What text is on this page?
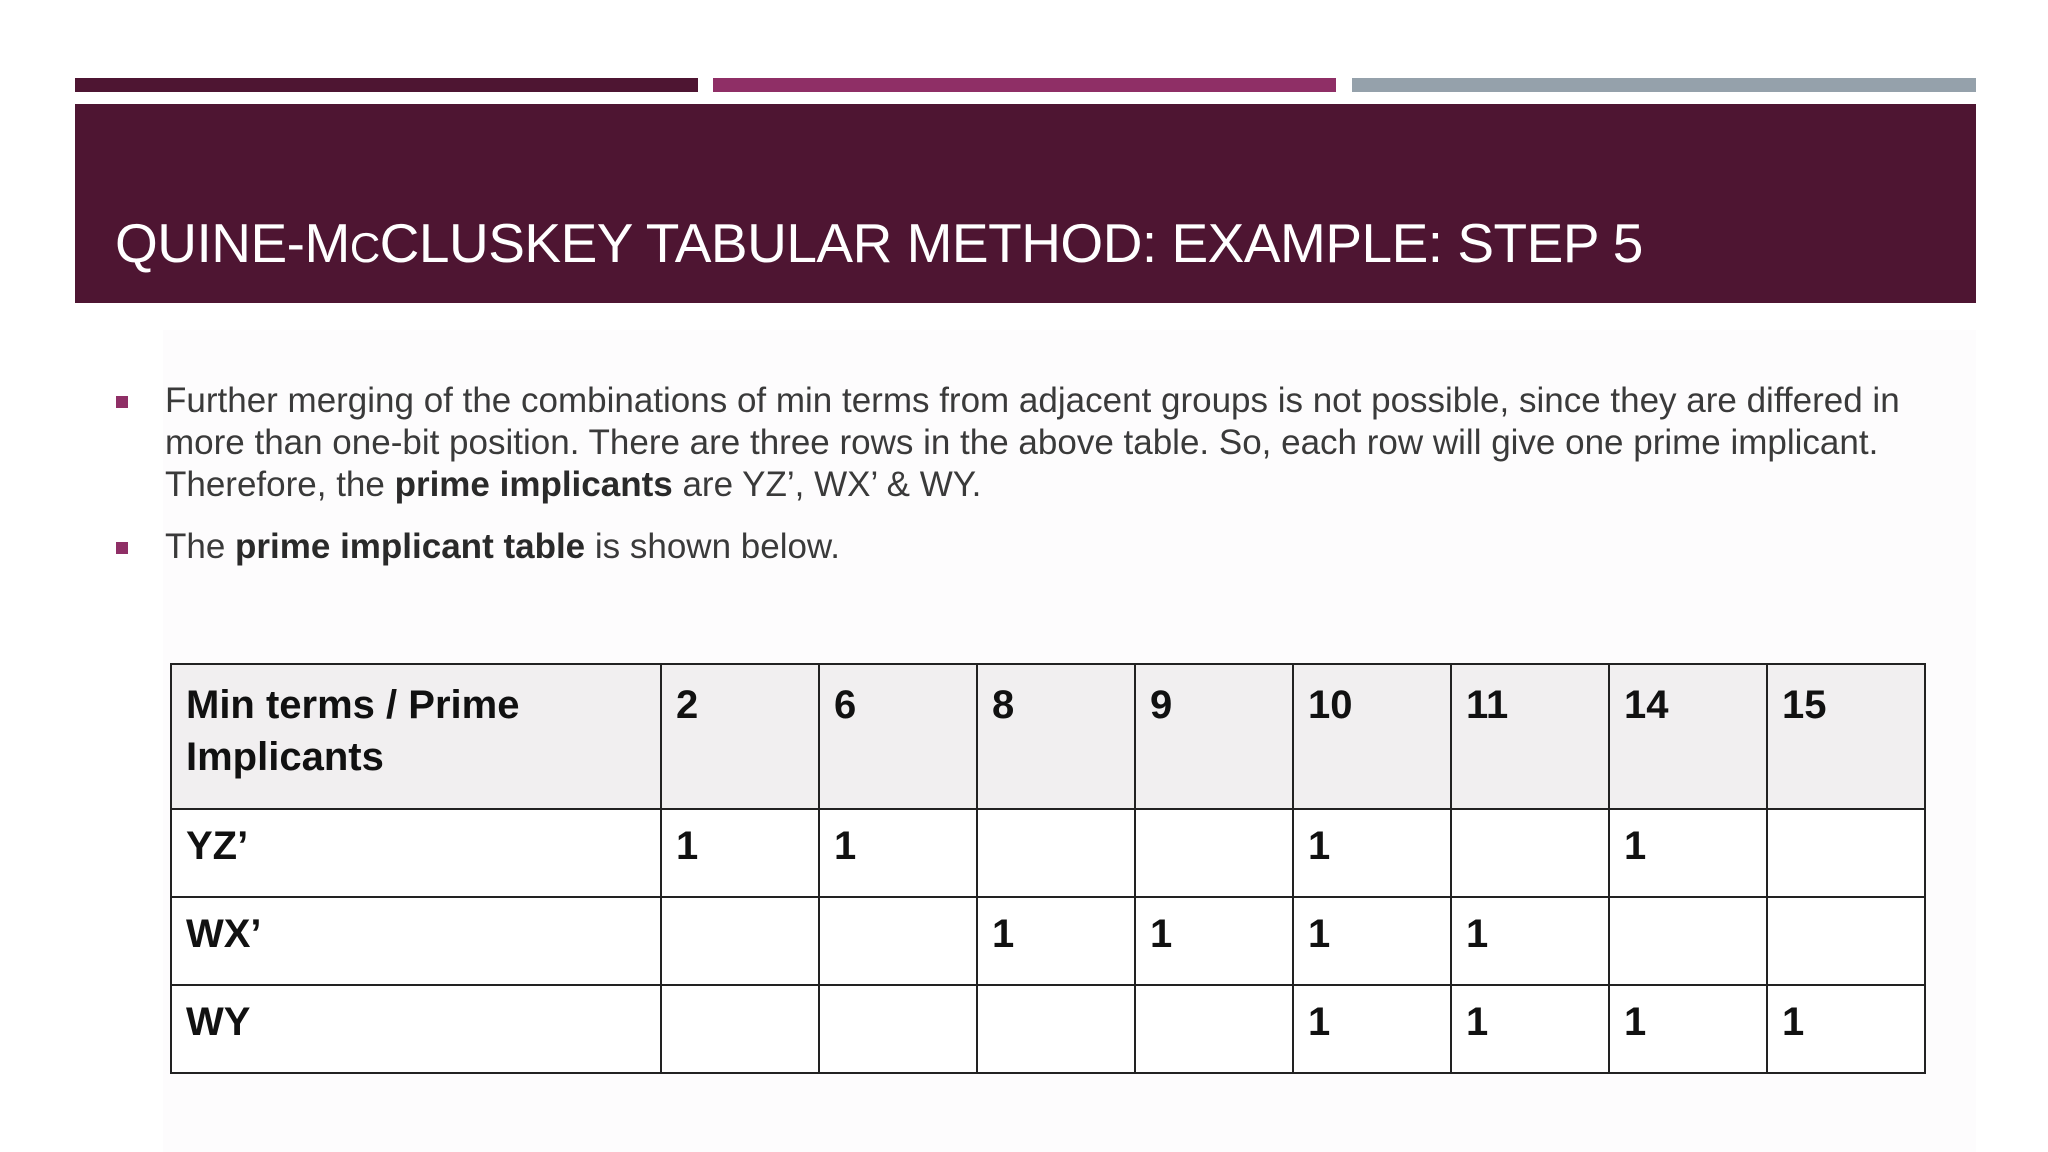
QUINE-MCCLUSKEY TABULAR METHOD: EXAMPLE: STEP 5
Further merging of the combinations of min terms from adjacent groups is not possible, since they are differed in more than one-bit position. There are three rows in the above table. So, each row will give one prime implicant. Therefore, the prime implicants are YZ’, WX’ & WY.
The prime implicant table is shown below.
Min terms / Prime Implicants	2	6	8	9	10	11	14	15
YZ’	1	1			1		1	
WX’			1	1	1	1		
WY					1	1	1	1
